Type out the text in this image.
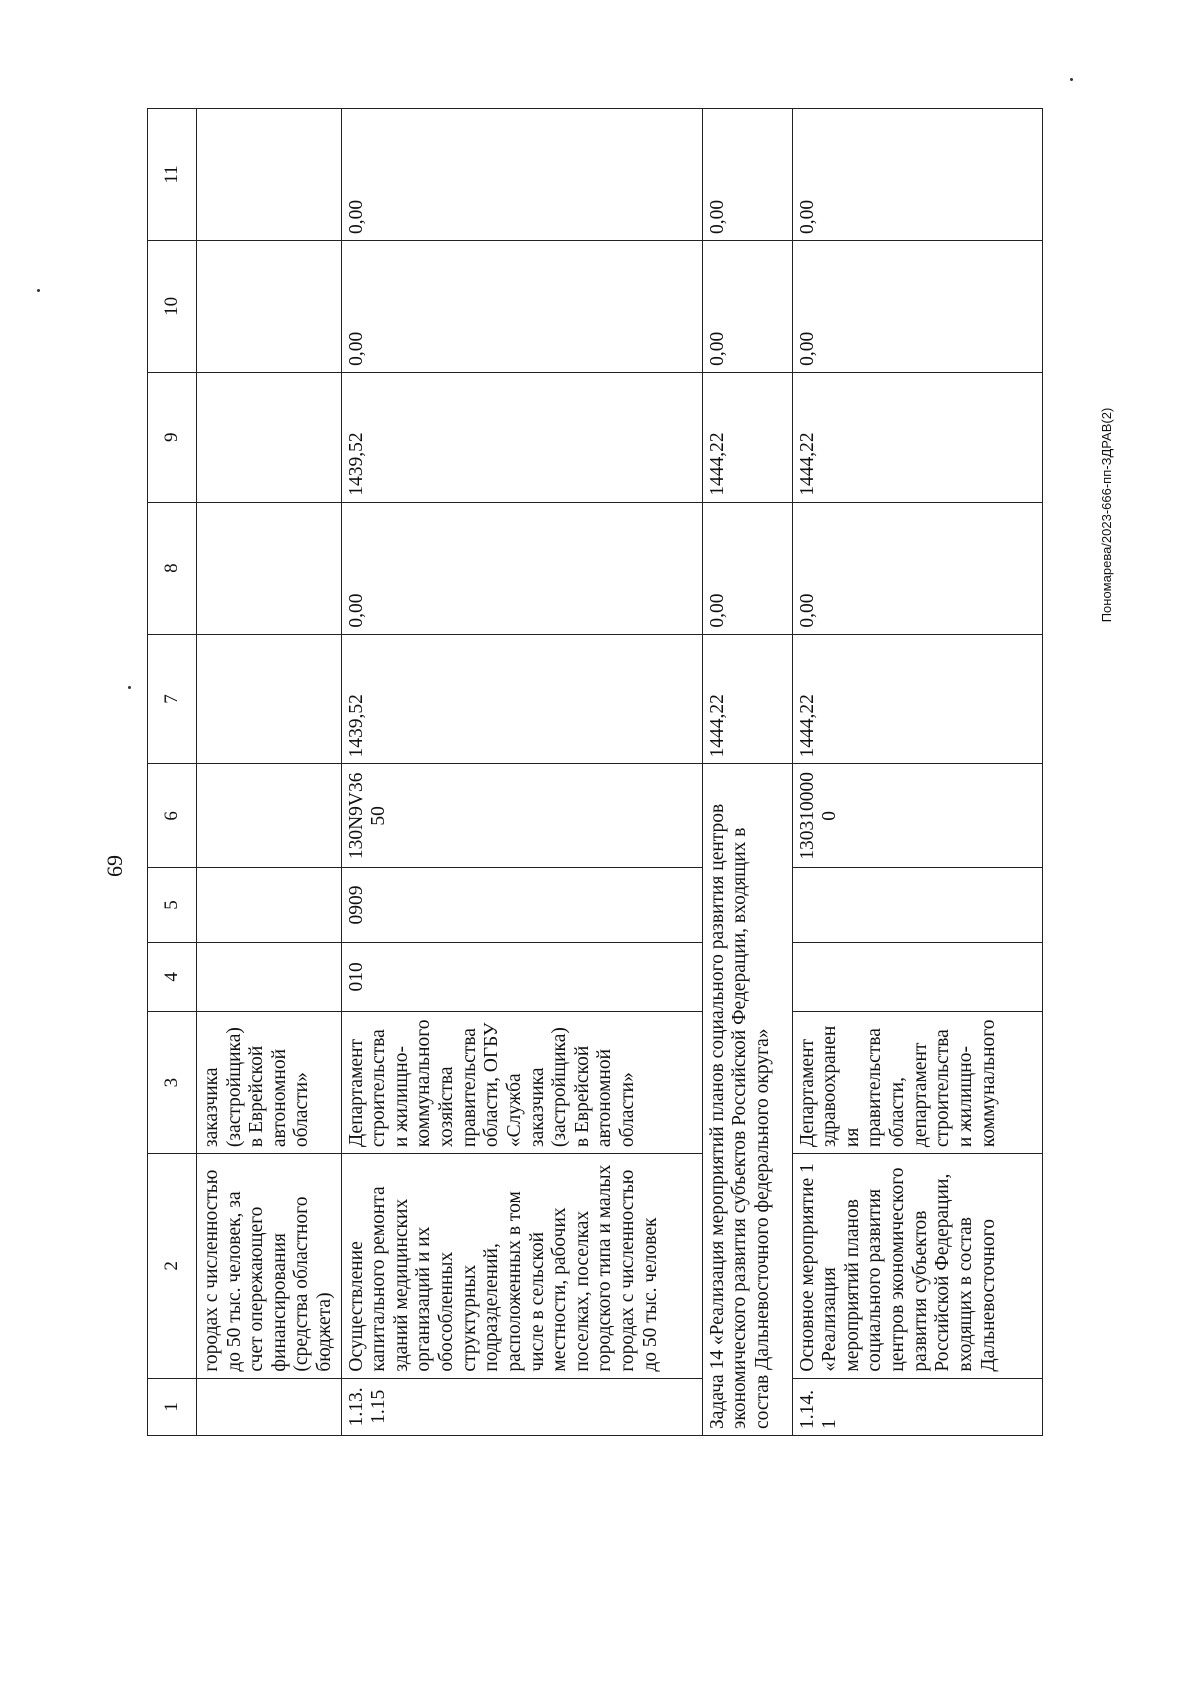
69
Пономарева/2023-666-пп-ЗДРАВ(2)
1	2	3	4	5	6	7	8	9	10	11
	городах с численностью до 50 тыс. человек, за счет опережающего финансирования (средства областного бюджета)	заказчика (застройщика) в Еврейской автономной области»								
1.13.1.15	Осуществление капитального ремонта зданий медицинских организаций и их обособленных структурных подразделений, расположенных в том числе в сельской местности, рабочих поселках, поселках городского типа и малых городах с численностью до 50 тыс. человек	Департамент строительства и жилищно-коммунального хозяйства правительства области, ОГБУ «Служба заказчика (застройщика) в Еврейской автономной области»	010	0909	130N9V3650	1439,52	0,00	1439,52	0,00	0,00
Задача 14 «Реализация мероприятий планов социального развития центров экономического развития субъектов Российской Федерации, входящих в состав Дальневосточного федерального округа»						1444,22	0,00	1444,22	0,00	0,00
1.14.1	Основное мероприятие 1 «Реализация мероприятий планов социального развития центров экономического развития субъектов Российской Федерации, входящих в состав Дальневосточного	Департамент здравоохранения правительства области, департамент строительства и жилищно-коммунального			1303100000	1444,22	0,00	1444,22	0,00	0,00
